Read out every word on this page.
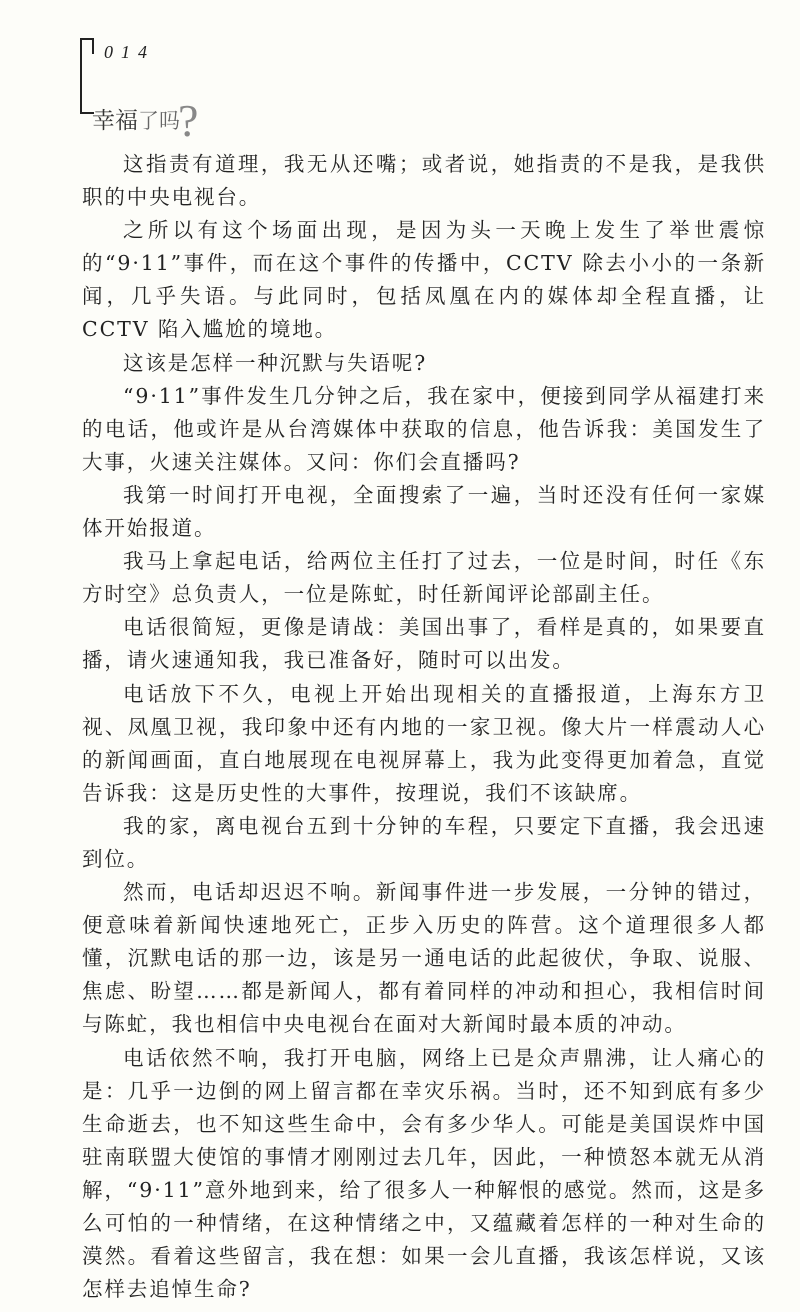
014
幸福了吗?

这指责有道理，我无从还嘴；或者说，她指责的不是我，是我供职的中央电视台。

之所以有这个场面出现，是因为头一天晚上发生了举世震惊的“9·11”事件，而在这个事件的传播中，CCTV 除去小小的一条新闻，几乎失语。与此同时，包括凤凰在内的媒体却全程直播，让 CCTV 陷入尴尬的境地。

这该是怎样一种沉默与失语呢?

“9·11”事件发生几分钟之后，我在家中，便接到同学从福建打来的电话，他或许是从台湾媒体中获取的信息，他告诉我：美国发生了大事，火速关注媒体。又问：你们会直播吗?

我第一时间打开电视，全面搜索了一遍，当时还没有任何一家媒体开始报道。

我马上拿起电话，给两位主任打了过去，一位是时间，时任《东方时空》总负责人，一位是陈虻，时任新闻评论部副主任。

电话很简短，更像是请战：美国出事了，看样是真的，如果要直播，请火速通知我，我已准备好，随时可以出发。

电话放下不久，电视上开始出现相关的直播报道，上海东方卫视、凤凰卫视，我印象中还有内地的一家卫视。像大片一样震动人心的新闻画面，直白地展现在电视屏幕上，我为此变得更加着急，直觉告诉我：这是历史性的大事件，按理说，我们不该缺席。

我的家，离电视台五到十分钟的车程，只要定下直播，我会迅速到位。

然而，电话却迟迟不响。新闻事件进一步发展，一分钟的错过，便意味着新闻快速地死亡，正步入历史的阵营。这个道理很多人都懂，沉默电话的那一边，该是另一通电话的此起彼伏，争取、说服、焦虑、盼望……都是新闻人，都有着同样的冲动和担心，我相信时间与陈虻，我也相信中央电视台在面对大新闻时最本质的冲动。

电话依然不响，我打开电脑，网络上已是众声鼎沸，让人痛心的是：几乎一边倒的网上留言都在幸灾乐祸。当时，还不知到底有多少生命逝去，也不知这些生命中，会有多少华人。可能是美国误炸中国驻南联盟大使馆的事情才刚刚过去几年，因此，一种愤怒本就无从消解，“9·11”意外地到来，给了很多人一种解恨的感觉。然而，这是多么可怕的一种情绪，在这种情绪之中，又蕴藏着怎样的一种对生命的漠然。看着这些留言，我在想：如果一会儿直播，我该怎样说，又该怎样去追悼生命?
